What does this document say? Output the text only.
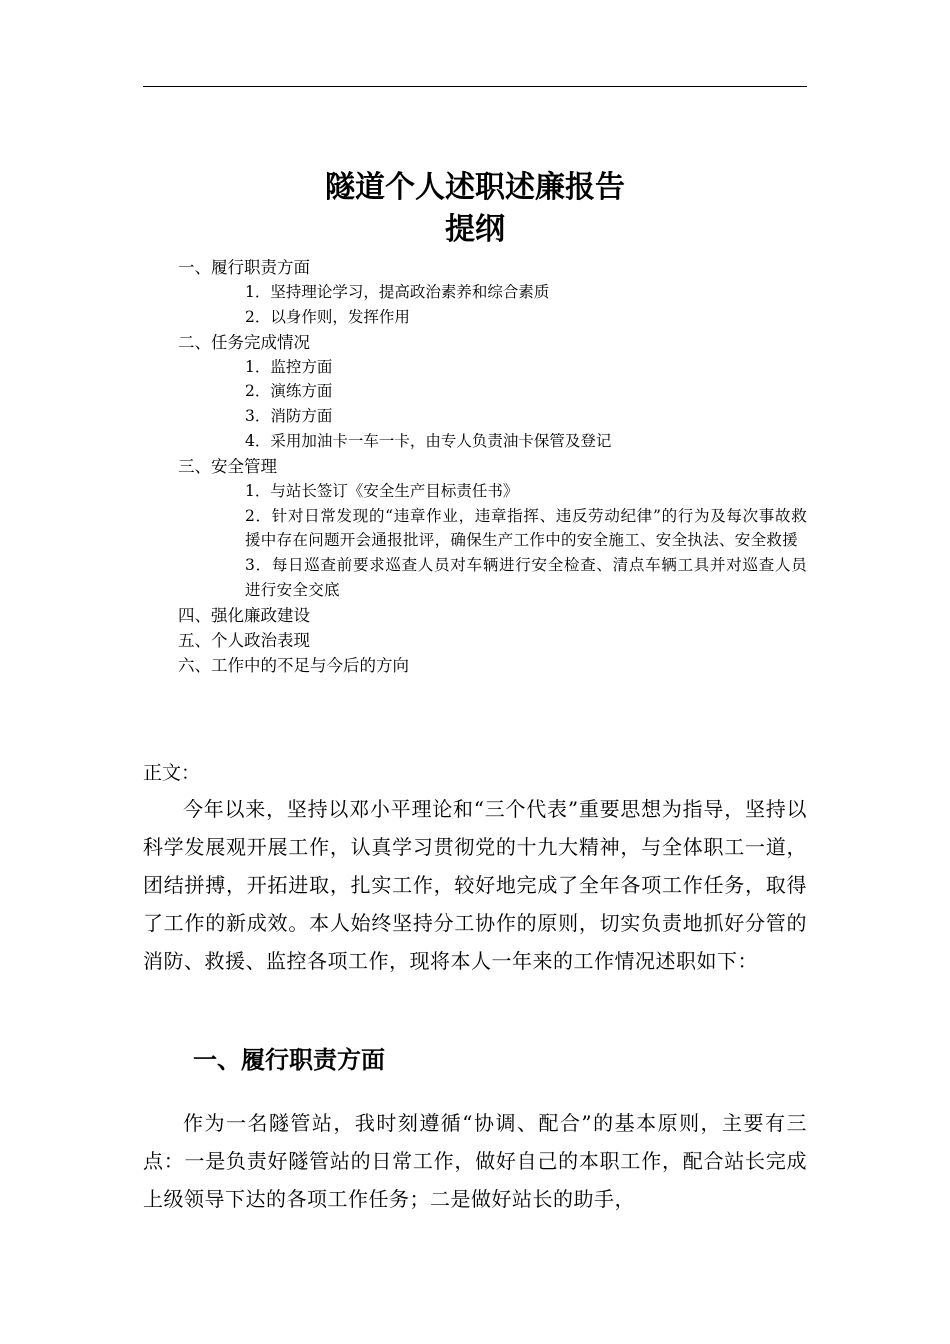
隧道个人述职述廉报告
提纲
一、履行职责方面
1．坚持理论学习，提高政治素养和综合素质
2．以身作则，发挥作用
二、任务完成情况
1．监控方面
2．演练方面
3．消防方面
4．采用加油卡一车一卡，由专人负责油卡保管及登记
三、安全管理
1．与站长签订《安全生产目标责任书》
2．针对日常发现的“违章作业，违章指挥、违反劳动纪律”的行为及每次事故救援中存在问题开会通报批评，确保生产工作中的安全施工、安全执法、安全救援
3．每日巡查前要求巡查人员对车辆进行安全检查、清点车辆工具并对巡查人员进行安全交底
四、强化廉政建设
五、个人政治表现
六、工作中的不足与今后的方向
正文：

今年以来，坚持以邓小平理论和“三个代表”重要思想为指导，坚持以科学发展观开展工作，认真学习贯彻党的十九大精神，与全体职工一道，团结拼搏，开拓进取，扎实工作，较好地完成了全年各项工作任务，取得了工作的新成效。本人始终坚持分工协作的原则，切实负责地抓好分管的消防、救援、监控各项工作，现将本人一年来的工作情况述职如下：

一、履行职责方面

作为一名隧管站，我时刻遵循“协调、配合”的基本原则，主要有三点：一是负责好隧管站的日常工作，做好自己的本职工作，配合站长完成上级领导下达的各项工作任务；二是做好站长的助手，
